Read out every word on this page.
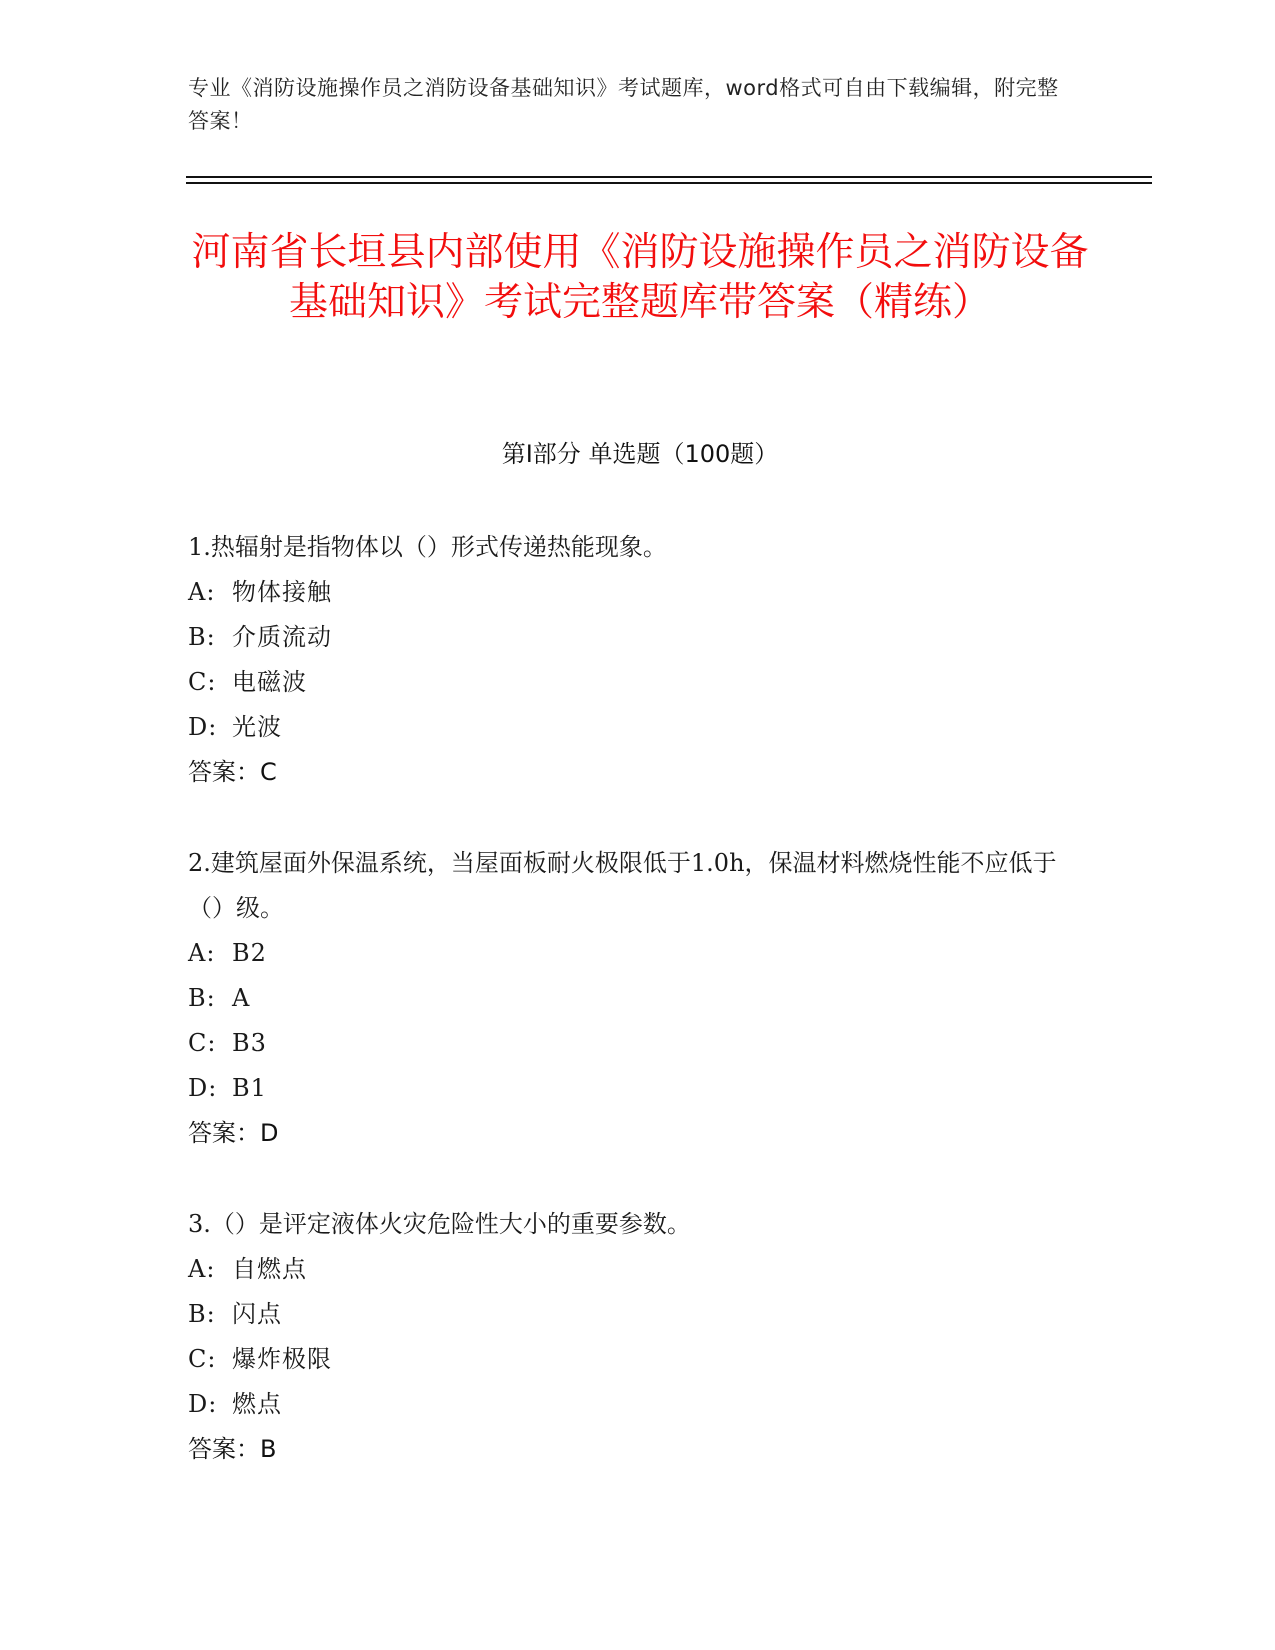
专业《消防设施操作员之消防设备基础知识》考试题库，word格式可自由下载编辑，附完整答案！
河南省长垣县内部使用《消防设施操作员之消防设备基础知识》考试完整题库带答案（精练）
第Ⅰ部分 单选题（100题）

1.热辐射是指物体以（）形式传递热能现象。

A: 物体接触

B: 介质流动

C: 电磁波

D: 光波

答案：C

2.建筑屋面外保温系统，当屋面板耐火极限低于1.0h，保温材料燃烧性能不应低于（）级。

A: B2

B: A

C: B3

D: B1

答案：D

3.（）是评定液体火灾危险性大小的重要参数。

A: 自燃点

B: 闪点

C: 爆炸极限

D: 燃点

答案：B
